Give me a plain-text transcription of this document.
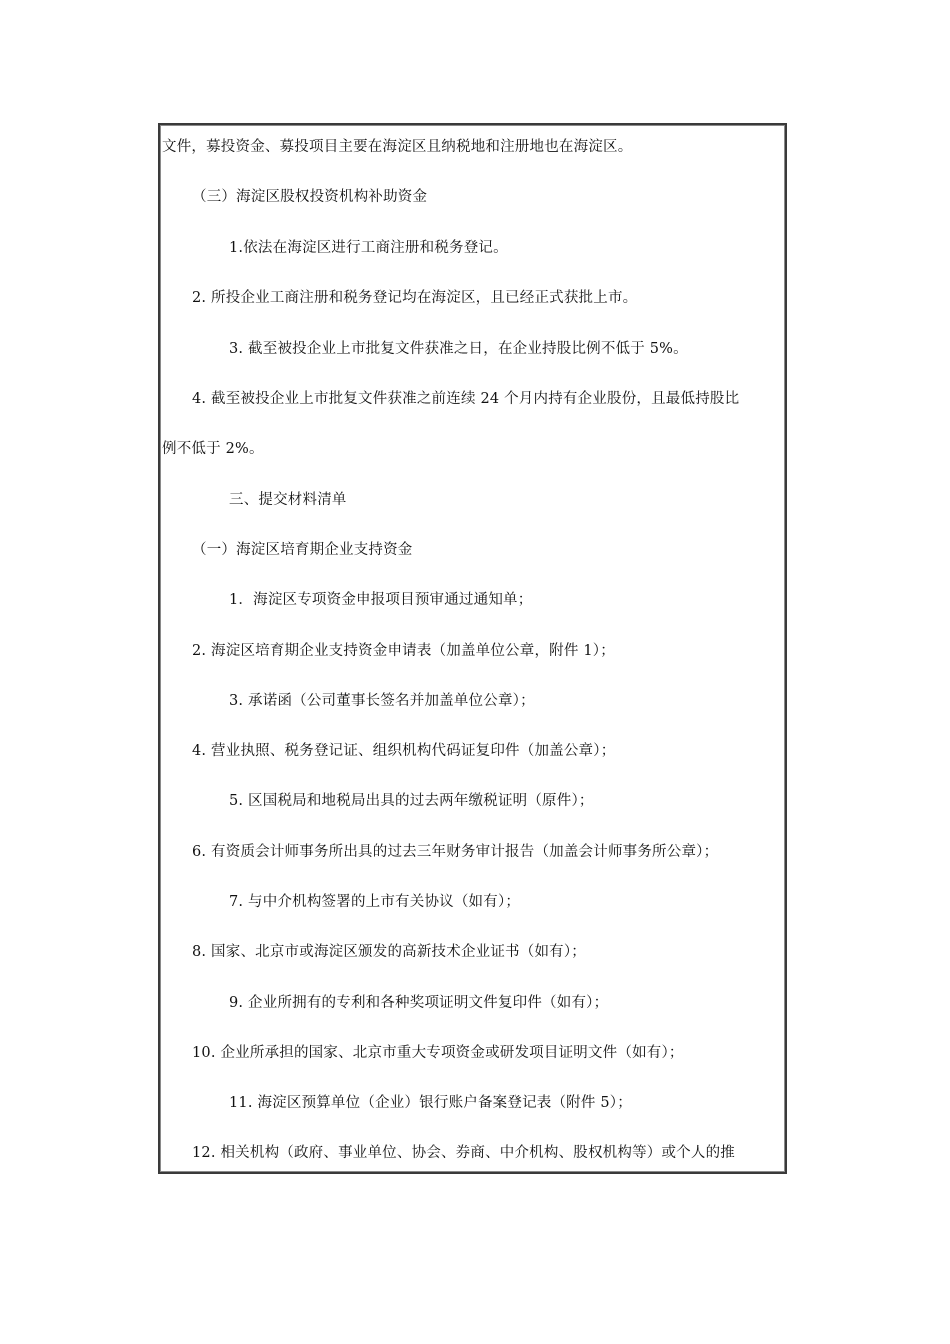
文件，募投资金、募投项目主要在海淀区且纳税地和注册地也在海淀区。
（三）海淀区股权投资机构补助资金
1.依法在海淀区进行工商注册和税务登记。
2. 所投企业工商注册和税务登记均在海淀区，且已经正式获批上市。
3. 截至被投企业上市批复文件获准之日，在企业持股比例不低于 5%。
4. 截至被投企业上市批复文件获准之前连续 24 个月内持有企业股份，且最低持股比
例不低于 2%。
三、提交材料清单
（一）海淀区培育期企业支持资金
1．海淀区专项资金申报项目预审通过通知单；
2. 海淀区培育期企业支持资金申请表（加盖单位公章，附件 1）；
3. 承诺函（公司董事长签名并加盖单位公章）；
4. 营业执照、税务登记证、组织机构代码证复印件（加盖公章）；
5. 区国税局和地税局出具的过去两年缴税证明（原件）；
6. 有资质会计师事务所出具的过去三年财务审计报告（加盖会计师事务所公章）；
7. 与中介机构签署的上市有关协议（如有）；
8. 国家、北京市或海淀区颁发的高新技术企业证书（如有）；
9. 企业所拥有的专利和各种奖项证明文件复印件（如有）；
10. 企业所承担的国家、北京市重大专项资金或研发项目证明文件（如有）；
11. 海淀区预算单位（企业）银行账户备案登记表（附件 5）；
12. 相关机构（政府、事业单位、协会、券商、中介机构、股权机构等）或个人的推
